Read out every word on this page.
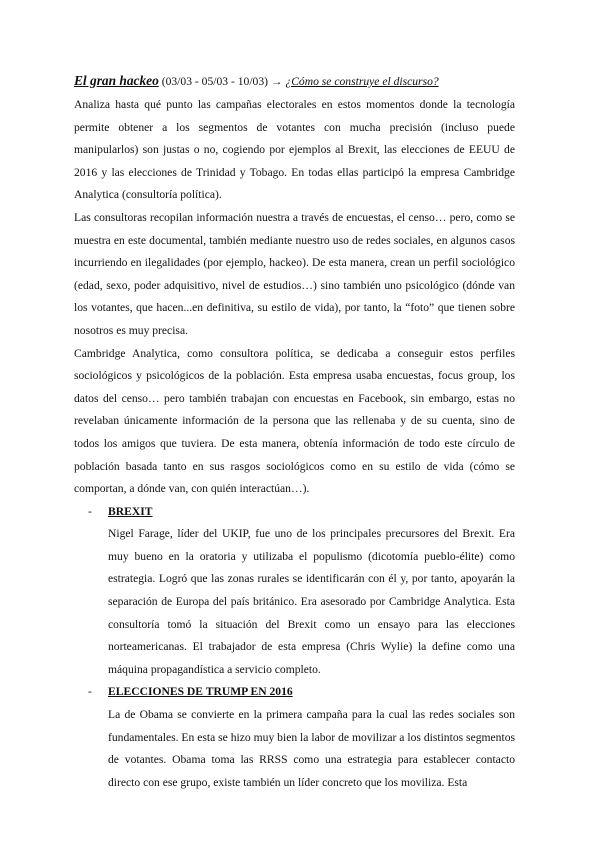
El gran hackeo (03/03 - 05/03 - 10/03) → ¿Cómo se construye el discurso?

Analiza hasta qué punto las campañas electorales en estos momentos donde la tecnología permite obtener a los segmentos de votantes con mucha precisión (incluso puede manipularlos) son justas o no, cogiendo por ejemplos al Brexit, las elecciones de EEUU de 2016 y las elecciones de Trinidad y Tobago. En todas ellas participó la empresa Cambridge Analytica (consultoría política).

Las consultoras recopilan información nuestra a través de encuestas, el censo… pero, como se muestra en este documental, también mediante nuestro uso de redes sociales, en algunos casos incurriendo en ilegalidades (por ejemplo, hackeo). De esta manera, crean un perfil sociológico (edad, sexo, poder adquisitivo, nivel de estudios…) sino también uno psicológico (dónde van los votantes, que hacen...en definitiva, su estilo de vida), por tanto, la “foto” que tienen sobre nosotros es muy precisa.

Cambridge Analytica, como consultora política, se dedicaba a conseguir estos perfiles sociológicos y psicológicos de la población. Esta empresa usaba encuestas, focus group, los datos del censo… pero también trabajan con encuestas en Facebook, sin embargo, estas no revelaban únicamente información de la persona que las rellenaba y de su cuenta, sino de todos los amigos que tuviera. De esta manera, obtenía información de todo este círculo de población basada tanto en sus rasgos sociológicos como en su estilo de vida (cómo se comportan, a dónde van, con quién interactúan…).

- BREXIT

Nigel Farage, líder del UKIP, fue uno de los principales precursores del Brexit. Era muy bueno en la oratoria y utilizaba el populismo (dicotomía pueblo-élite) como estrategia. Logró que las zonas rurales se identificarán con él y, por tanto, apoyarán la separación de Europa del país británico. Era asesorado por Cambridge Analytica. Esta consultoría tomó la situación del Brexit como un ensayo para las elecciones norteamericanas. El trabajador de esta empresa (Chris Wylie) la define como una máquina propagandística a servicio completo.

- ELECCIONES DE TRUMP EN 2016

La de Obama se convierte en la primera campaña para la cual las redes sociales son fundamentales. En esta se hizo muy bien la labor de movilizar a los distintos segmentos de votantes. Obama toma las RRSS como una estrategia para establecer contacto directo con ese grupo, existe también un líder concreto que los moviliza. Esta
